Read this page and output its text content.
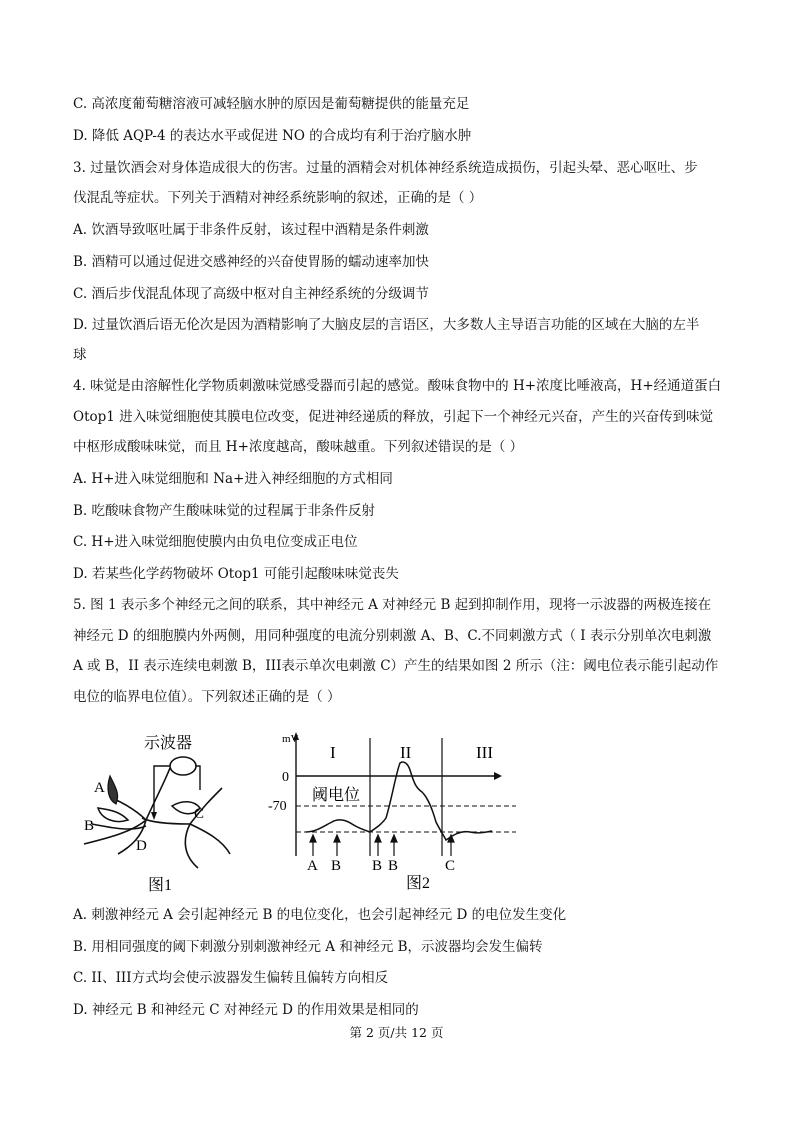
C. 高浓度葡萄糖溶液可减轻脑水肿的原因是葡萄糖提供的能量充足
D. 降低 AQP-4 的表达水平或促进 NO 的合成均有利于治疗脑水肿
3. 过量饮酒会对身体造成很大的伤害。过量的酒精会对机体神经系统造成损伤，引起头晕、恶心呕吐、步
伐混乱等症状。下列关于酒精对神经系统影响的叙述，正确的是（ ）
A. 饮酒导致呕吐属于非条件反射，该过程中酒精是条件刺激
B. 酒精可以通过促进交感神经的兴奋使胃肠的蠕动速率加快
C. 酒后步伐混乱体现了高级中枢对自主神经系统的分级调节
D. 过量饮酒后语无伦次是因为酒精影响了大脑皮层的言语区，大多数人主导语言功能的区域在大脑的左半
球
4. 味觉是由溶解性化学物质刺激味觉感受器而引起的感觉。酸味食物中的 H+浓度比唾液高，H+经通道蛋白
Otop1 进入味觉细胞使其膜电位改变，促进神经递质的释放，引起下一个神经元兴奋，产生的兴奋传到味觉
中枢形成酸味味觉，而且 H+浓度越高，酸味越重。下列叙述错误的是（ ）
A. H+进入味觉细胞和 Na+进入神经细胞的方式相同
B. 吃酸味食物产生酸味味觉的过程属于非条件反射
C. H+进入味觉细胞使膜内由负电位变成正电位
D. 若某些化学药物破坏 Otop1 可能引起酸味味觉丧失
5. 图 1 表示多个神经元之间的联系，其中神经元 A 对神经元 B 起到抑制作用，现将一示波器的两极连接在
神经元 D 的细胞膜内外两侧，用同种强度的电流分别刺激 A、B、C.不同刺激方式（ I 表示分别单次电刺激
A 或 B，II 表示连续电刺激 B，III表示单次电刺激 C）产生的结果如图 2 所示（注：阈电位表示能引起动作
电位的临界电位值）。下列叙述正确的是（ ）
示波器
A
B
C
D
图1
mV
0
-70
阈电位
I	II	III
A B B B	C
图2
A. 刺激神经元 A 会引起神经元 B 的电位变化，也会引起神经元 D 的电位发生变化
B. 用相同强度的阈下刺激分别刺激神经元 A 和神经元 B，示波器均会发生偏转
C. II、III方式均会使示波器发生偏转且偏转方向相反
D. 神经元 B 和神经元 C 对神经元 D 的作用效果是相同的
第 2 页/共 12 页
